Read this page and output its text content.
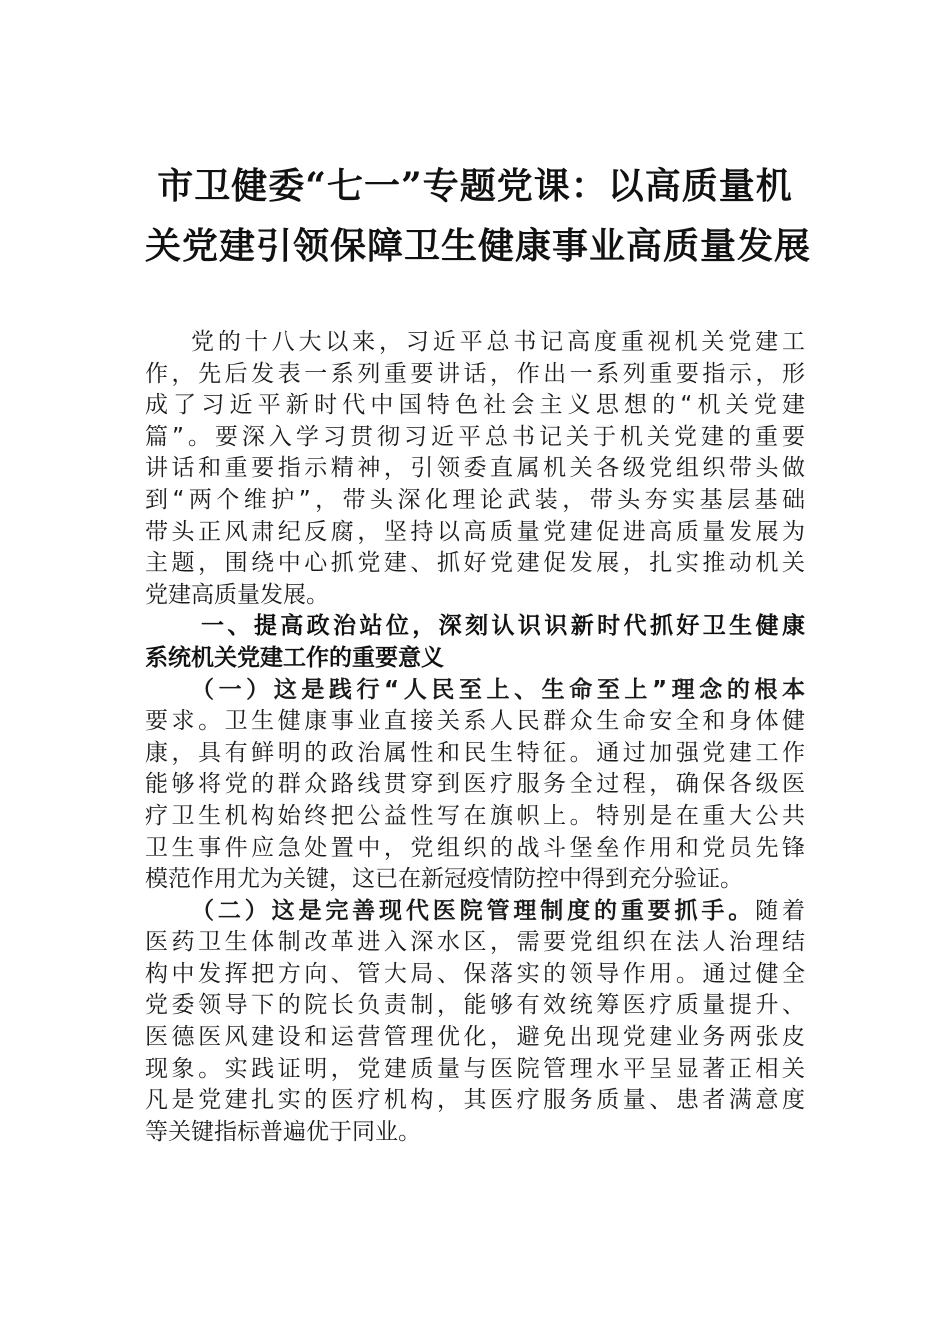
市卫健委“七一”专题党课：以高质量机
关党建引领保障卫生健康事业高质量发展
党的十八大以来，习近平总书记高度重视机关党建工
作，先后发表一系列重要讲话，作出一系列重要指示，形
成了习近平新时代中国特色社会主义思想的“机关党建
篇”。要深入学习贯彻习近平总书记关于机关党建的重要
讲话和重要指示精神，引领委直属机关各级党组织带头做
到“两个维护”，带头深化理论武装，带头夯实基层基础
带头正风肃纪反腐，坚持以高质量党建促进高质量发展为
主题，围绕中心抓党建、抓好党建促发展，扎实推动机关
党建高质量发展。
一、提高政治站位，深刻认识识新时代抓好卫生健康
系统机关党建工作的重要意义
（一）这是践行“人民至上、生命至上”理念的根本
要求。卫生健康事业直接关系人民群众生命安全和身体健
康，具有鲜明的政治属性和民生特征。通过加强党建工作
能够将党的群众路线贯穿到医疗服务全过程，确保各级医
疗卫生机构始终把公益性写在旗帜上。特别是在重大公共
卫生事件应急处置中，党组织的战斗堡垒作用和党员先锋
模范作用尤为关键，这已在新冠疫情防控中得到充分验证。
（二）这是完善现代医院管理制度的重要抓手。随着
医药卫生体制改革进入深水区，需要党组织在法人治理结
构中发挥把方向、管大局、保落实的领导作用。通过健全
党委领导下的院长负责制，能够有效统筹医疗质量提升、
医德医风建设和运营管理优化，避免出现党建业务两张皮
现象。实践证明，党建质量与医院管理水平呈显著正相关
凡是党建扎实的医疗机构，其医疗服务质量、患者满意度
等关键指标普遍优于同业。
